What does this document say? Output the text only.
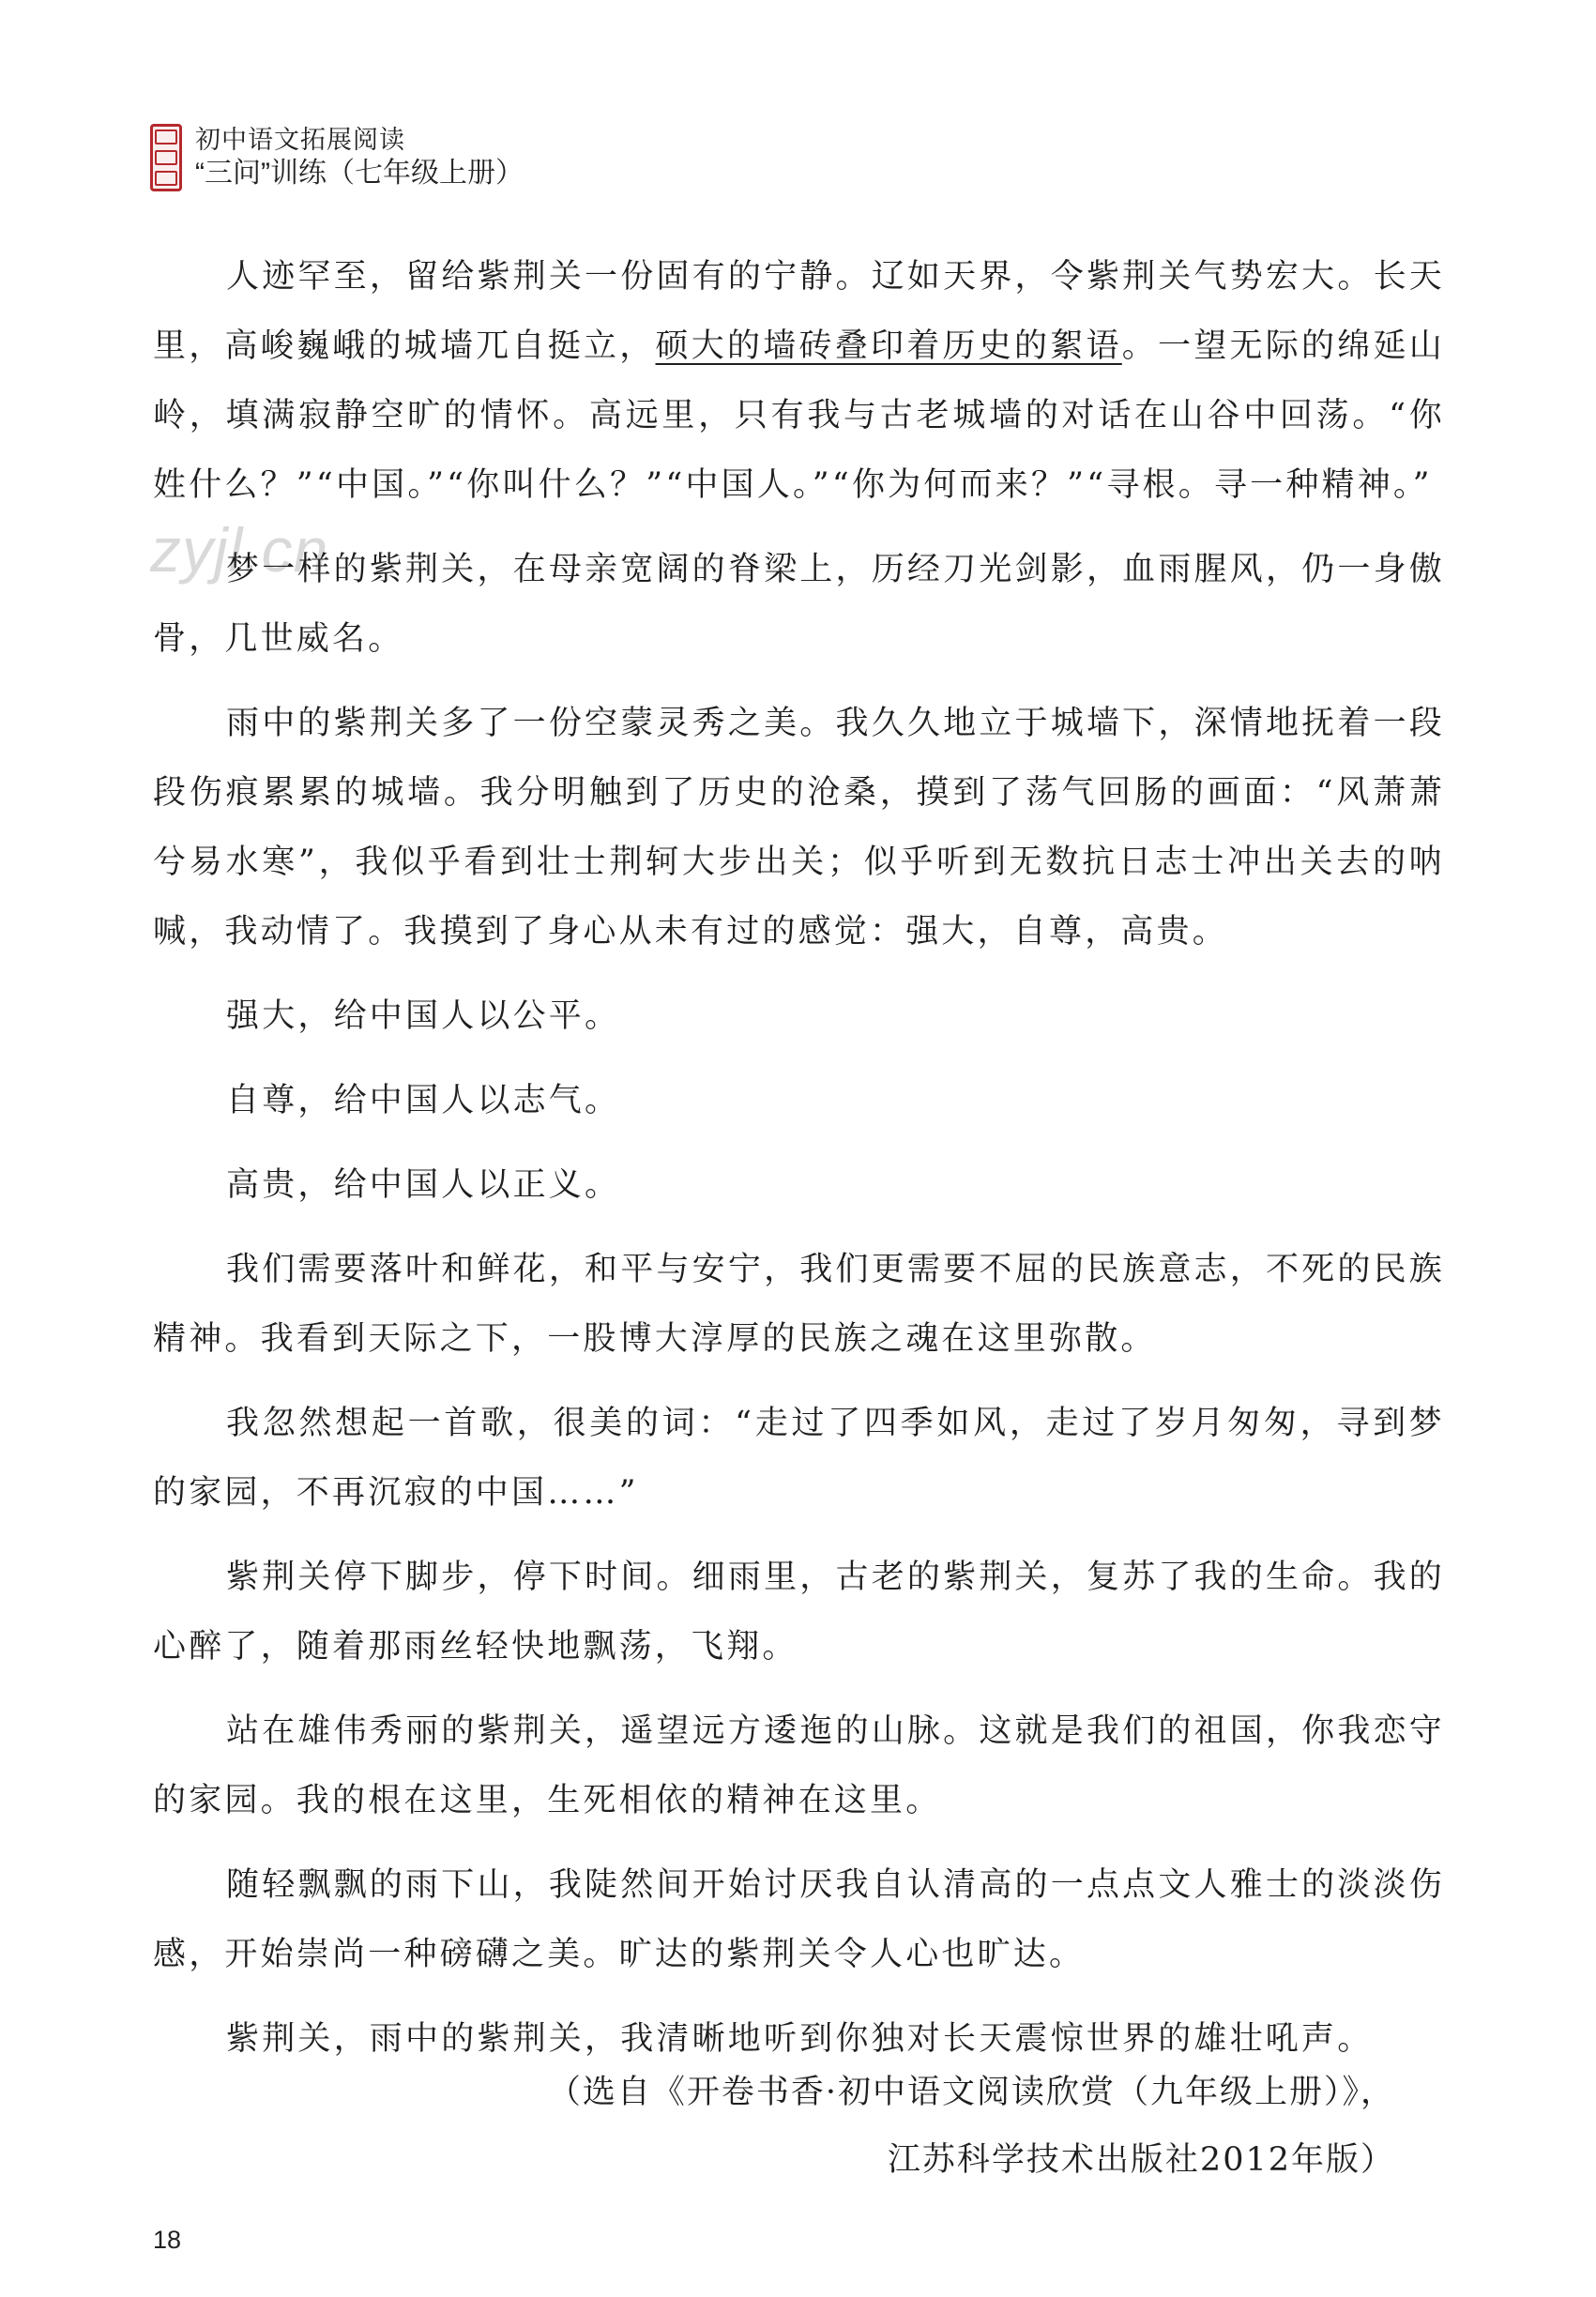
初中语文拓展阅读
“三问”训练（七年级上册）
zyjl.cn

人迹罕至，留给紫荆关一份固有的宁静。辽如天界，令紫荆关气势宏大。长天里，高峻巍峨的城墙兀自挺立，硕大的墙砖叠印着历史的絮语。一望无际的绵延山岭，填满寂静空旷的情怀。高远里，只有我与古老城墙的对话在山谷中回荡。“你姓什么？”“中国。”“你叫什么？”“中国人。”“你为何而来？”“寻根。寻一种精神。”

梦一样的紫荆关，在母亲宽阔的脊梁上，历经刀光剑影，血雨腥风，仍一身傲骨，几世威名。

雨中的紫荆关多了一份空蒙灵秀之美。我久久地立于城墙下，深情地抚着一段段伤痕累累的城墙。我分明触到了历史的沧桑，摸到了荡气回肠的画面：“风萧萧兮易水寒”，我似乎看到壮士荆轲大步出关；似乎听到无数抗日志士冲出关去的呐喊，我动情了。我摸到了身心从未有过的感觉：强大，自尊，高贵。

强大，给中国人以公平。

自尊，给中国人以志气。

高贵，给中国人以正义。

我们需要落叶和鲜花，和平与安宁，我们更需要不屈的民族意志，不死的民族精神。我看到天际之下，一股博大淳厚的民族之魂在这里弥散。

我忽然想起一首歌，很美的词：“走过了四季如风，走过了岁月匆匆，寻到梦的家园，不再沉寂的中国……”

紫荆关停下脚步，停下时间。细雨里，古老的紫荆关，复苏了我的生命。我的心醉了，随着那雨丝轻快地飘荡，飞翔。

站在雄伟秀丽的紫荆关，遥望远方逶迤的山脉。这就是我们的祖国，你我恋守的家园。我的根在这里，生死相依的精神在这里。

随轻飘飘的雨下山，我陡然间开始讨厌我自认清高的一点点文人雅士的淡淡伤感，开始崇尚一种磅礴之美。旷达的紫荆关令人心也旷达。

紫荆关，雨中的紫荆关，我清晰地听到你独对长天震惊世界的雄壮吼声。

（选自《开卷书香·初中语文阅读欣赏（九年级上册）》，
江苏科学技术出版社2012年版）
18
